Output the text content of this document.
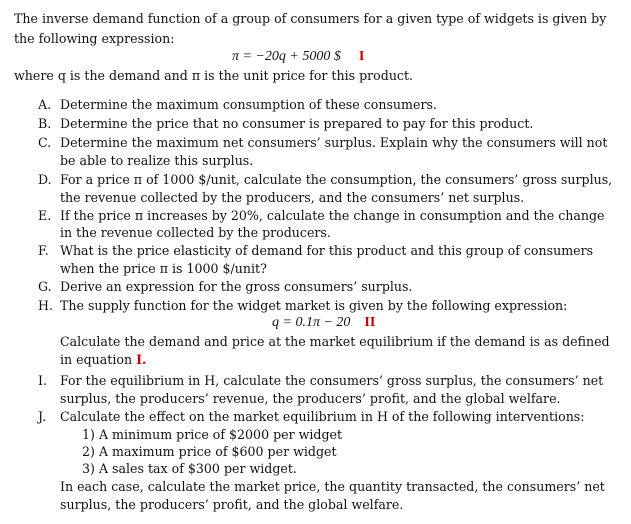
The inverse demand function of a group of consumers for a given type of widgets is given by
the following expression:
π = −20q + 5000 $ I
where q is the demand and π is the unit price for this product.
A. Determine the maximum consumption of these consumers.
B. Determine the price that no consumer is prepared to pay for this product.
C. Determine the maximum net consumers’ surplus. Explain why the consumers will not
be able to realize this surplus.
D. For a price π of 1000 $/unit, calculate the consumption, the consumers’ gross surplus,
the revenue collected by the producers, and the consumers’ net surplus.
E. If the price π increases by 20%, calculate the change in consumption and the change
in the revenue collected by the producers.
F. What is the price elasticity of demand for this product and this group of consumers
when the price π is 1000 $/unit?
G. Derive an expression for the gross consumers’ surplus.
H. The supply function for the widget market is given by the following expression:
q = 0.1π − 20 II
Calculate the demand and price at the market equilibrium if the demand is as defined
in equation I.
I. For the equilibrium in H, calculate the consumers’ gross surplus, the consumers’ net
surplus, the producers’ revenue, the producers’ profit, and the global welfare.
J. Calculate the effect on the market equilibrium in H of the following interventions:
1) A minimum price of $2000 per widget
2) A maximum price of $600 per widget
3) A sales tax of $300 per widget.
In each case, calculate the market price, the quantity transacted, the consumers’ net
surplus, the producers’ profit, and the global welfare.
